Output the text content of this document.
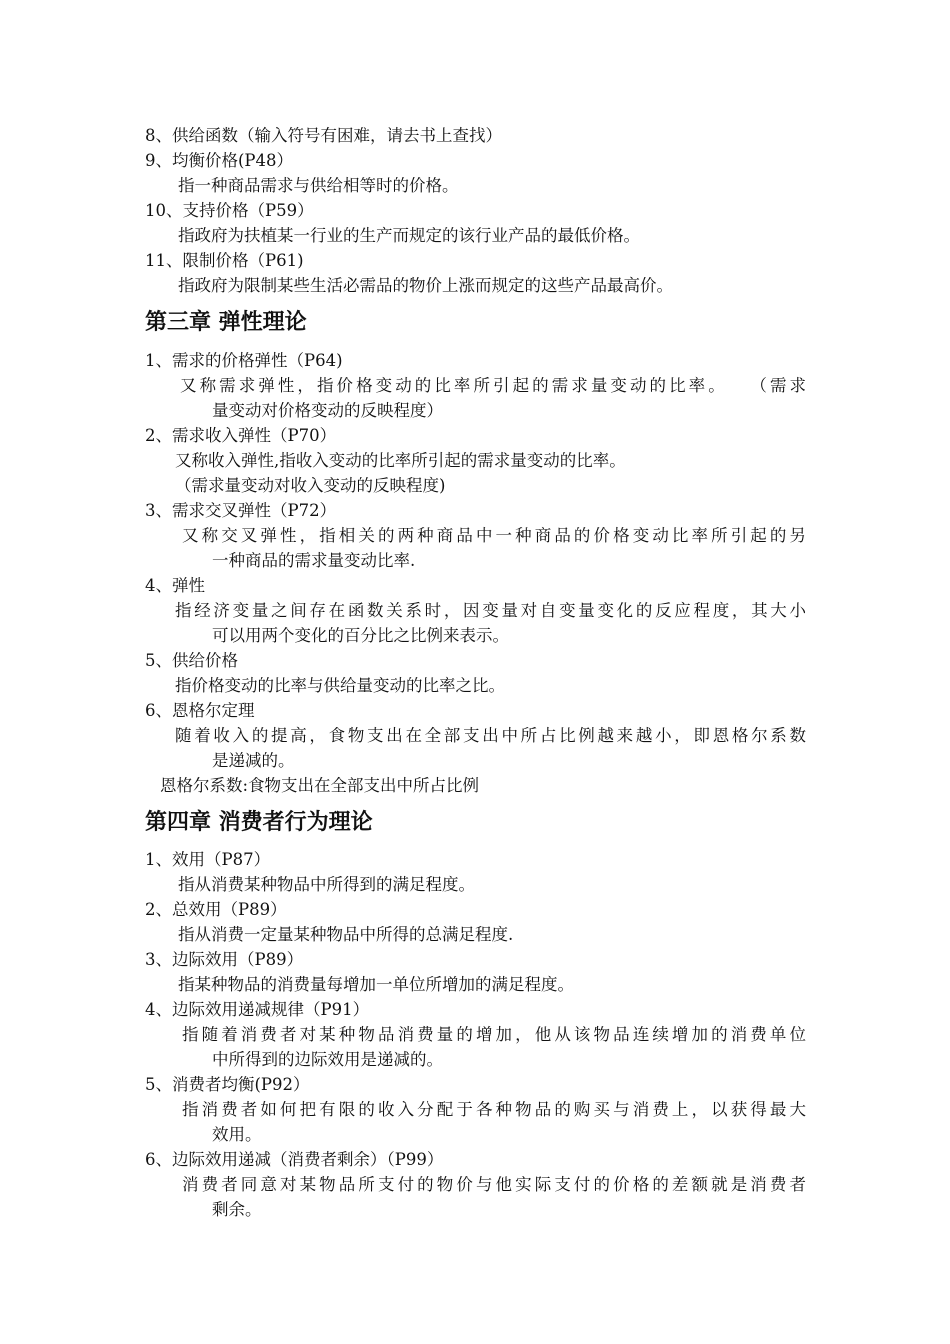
8、供给函数（输入符号有困难，请去书上查找）
9、均衡价格(P48）
指一种商品需求与供给相等时的价格。
10、支持价格（P59）
指政府为扶植某一行业的生产而规定的该行业产品的最低价格。
11、限制价格（P61)
指政府为限制某些生活必需品的物价上涨而规定的这些产品最高价。
第三章 弹性理论
1、需求的价格弹性（P64)
又称需求弹性，指价格变动的比率所引起的需求量变动的比率。　　（需求
量变动对价格变动的反映程度）
2、需求收入弹性（P70）
又称收入弹性,指收入变动的比率所引起的需求量变动的比率。
（需求量变动对收入变动的反映程度)
3、需求交叉弹性（P72）
又称交叉弹性，指相关的两种商品中一种商品的价格变动比率所引起的另
一种商品的需求量变动比率.
4、弹性
指经济变量之间存在函数关系时，因变量对自变量变化的反应程度，其大小
可以用两个变化的百分比之比例来表示。
5、供给价格
指价格变动的比率与供给量变动的比率之比。
6、恩格尔定理
随着收入的提高，食物支出在全部支出中所占比例越来越小，即恩格尔系数
是递减的。
恩格尔系数:食物支出在全部支出中所占比例
第四章 消费者行为理论
1、效用（P87）
指从消费某种物品中所得到的满足程度。
2、总效用（P89）
指从消费一定量某种物品中所得的总满足程度.
3、边际效用（P89）
指某种物品的消费量每增加一单位所增加的满足程度。
4、边际效用递减规律（P91）
指随着消费者对某种物品消费量的增加，他从该物品连续增加的消费单位
中所得到的边际效用是递减的。
5、消费者均衡(P92）
指消费者如何把有限的收入分配于各种物品的购买与消费上，以获得最大
效用。
6、边际效用递减（消费者剩余）（P99）
消费者同意对某物品所支付的物价与他实际支付的价格的差额就是消费者
剩余。
